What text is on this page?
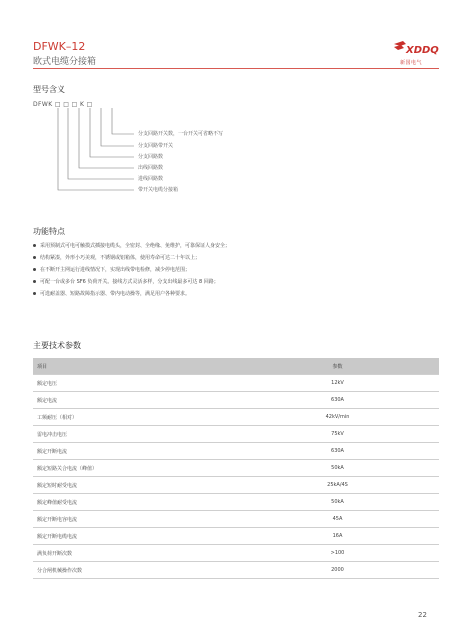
DFWK–12
欧式电缆分接箱
XDDQ
新国电气
型号含义
DFWK □ □ □ K □
分支回路开关数，一台开关可省略不写
分支回路带开关
分支回路数
出线回路数
进线回路数
带开关电缆分接箱
功能特点
采用预制式可电可触摸式插接电缆头，全密封、全绝缘、免维护，可靠保证人身安全；
结构紧凑，外形小巧美观，不锈钢或铝箱体，使用寿命可达二十年以上；
在不断开主网运行进线情况下，实现出线带电检修，减少停电范围；
可配一台或多台 SF6 负荷开关。接线方式灵活多样，分支出线最多可达 8 回路；
可选耐盖器、短路故障指示器、带内电动操等，满足用户各种要求。
主要技术参数
项目	参数
额定电压	12kV
额定电流	630A
工频耐压（相对）	42kV/min
雷电冲击电压	75kV
额定开断电流	630A
额定短路关合电流（峰值）	50kA
额定短时耐受电流	25kA/4S
额定峰值耐受电流	50kA
额定开断电容电流	45A
额定开断电缆电流	16A
满负荷开断次数	>100
分合闸机械操作次数	2000
22
